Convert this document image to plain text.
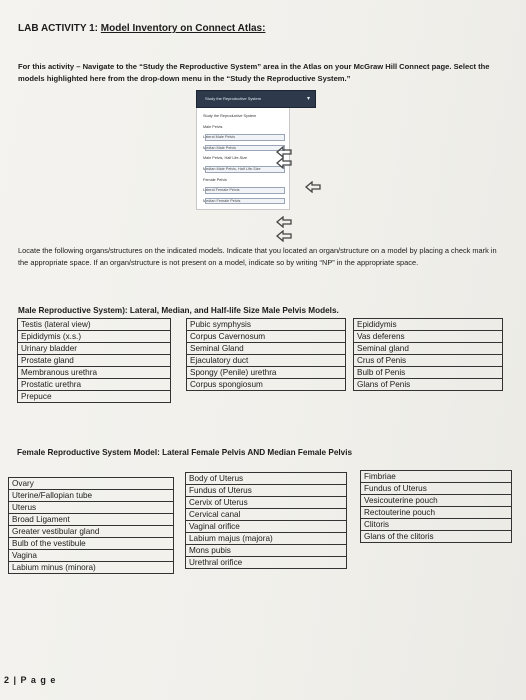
LAB ACTIVITY 1: Model Inventory on Connect Atlas:
For this activity – Navigate to the “Study the Reproductive System” area in the Atlas on your McGraw Hill Connect page. Select the models highlighted here from the drop-down menu in the “Study the Reproductive System.”
Study the Reproductive System	▾
Study the Reproductive System
Male Pelvis
Lateral Male Pelvis
Median Male Pelvis
Male Pelvis, Half Life-Size
Median Male Pelvis, Half Life-Size
Female Pelvis
Lateral Female Pelvis
Median Female Pelvis
Locate the following organs/structures on the indicated models. Indicate that you located an organ/structure on a model by placing a check mark in the appropriate space. If an organ/structure is not present on a model, indicate so by writing “NP” in the appropriate space.
Male Reproductive System): Lateral, Median, and Half-life Size Male Pelvis Models.
Testis (lateral view)
Epididymis (x.s.)
Urinary bladder
Prostate gland
Membranous urethra
Prostatic urethra
Prepuce
Pubic symphysis
Corpus Cavernosum
Seminal Gland
Ejaculatory duct
Spongy (Penile) urethra
Corpus spongiosum
Epididymis
Vas deferens
Seminal gland
Crus of Penis
Bulb of Penis
Glans of Penis
Female Reproductive System Model: Lateral Female Pelvis AND Median Female Pelvis
Ovary
Uterine/Fallopian tube
Uterus
Broad Ligament
Greater vestibular gland
Bulb of the vestibule
Vagina
Labium minus (minora)
Body of Uterus
Fundus of Uterus
Cervix of Uterus
Cervical canal
Vaginal orifice
Labium majus (majora)
Mons pubis
Urethral orifice
Fimbriae
Fundus of Uterus
Vesicouterine pouch
Rectouterine pouch
Clitoris
Glans of the clitoris
2 | P a g e
